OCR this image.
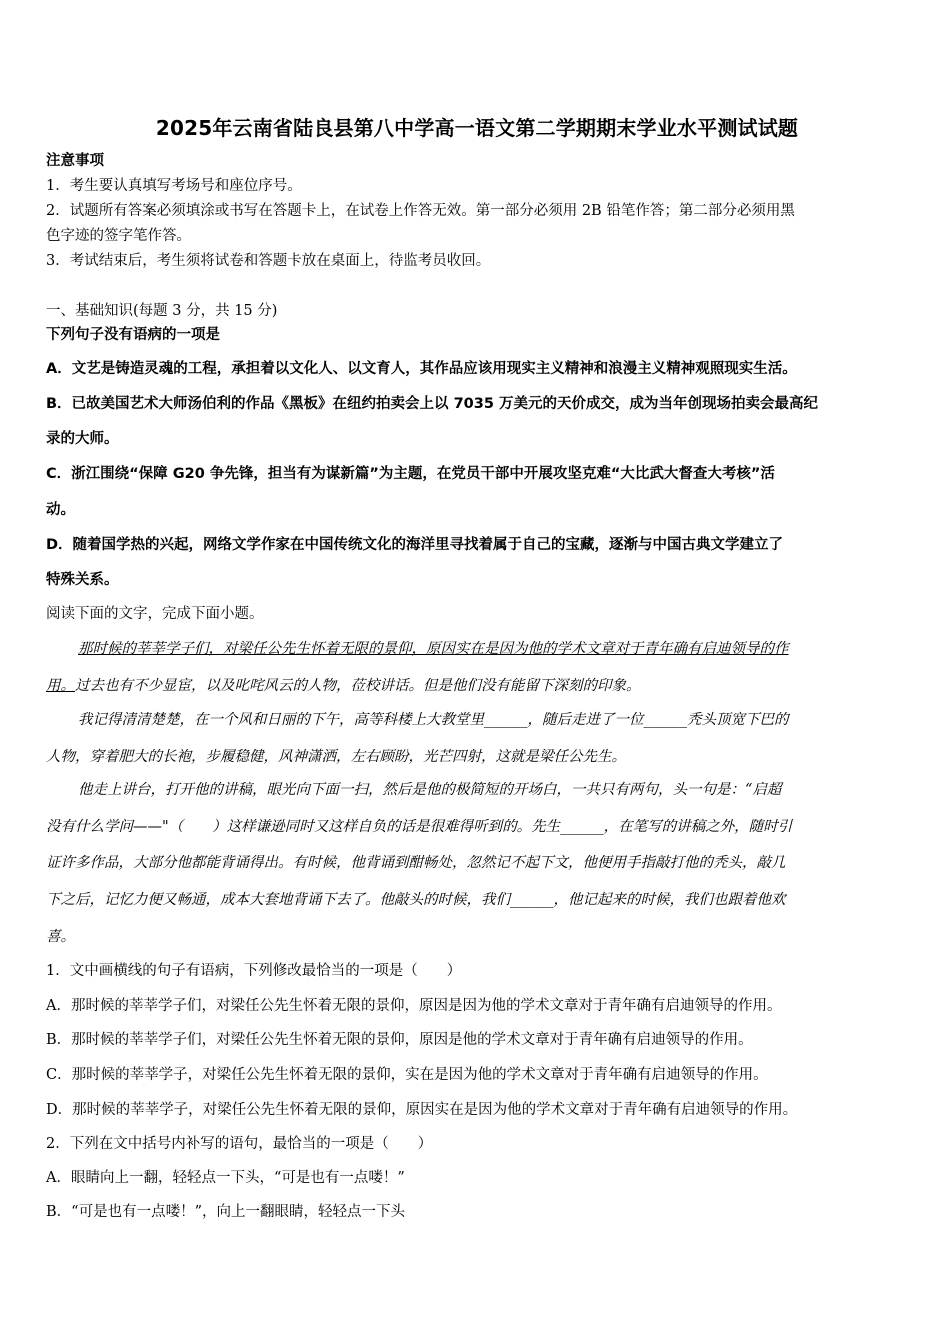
2025年云南省陆良县第八中学高一语文第二学期期末学业水平测试试题
注意事项
1．考生要认真填写考场号和座位序号。
2．试题所有答案必须填涂或书写在答题卡上，在试卷上作答无效。第一部分必须用 2B 铅笔作答；第二部分必须用黑
色字迹的签字笔作答。
3．考试结束后，考生须将试卷和答题卡放在桌面上，待监考员收回。
一、基础知识(每题 3 分，共 15 分)
下列句子没有语病的一项是
A．文艺是铸造灵魂的工程，承担着以文化人、以文育人，其作品应该用现实主义精神和浪漫主义精神观照现实生活。
B．已故美国艺术大师汤伯利的作品《黑板》在纽约拍卖会上以 7035 万美元的天价成交，成为当年创现场拍卖会最高纪
录的大师。
C．浙江围绕“保障 G20 争先锋，担当有为谋新篇”为主题，在党员干部中开展攻坚克难“大比武大督查大考核”活
动。
D．随着国学热的兴起，网络文学作家在中国传统文化的海洋里寻找着属于自己的宝藏，逐渐与中国古典文学建立了
特殊关系。
阅读下面的文字，完成下面小题。
那时候的莘莘学子们，对梁任公先生怀着无限的景仰，原因实在是因为他的学术文章对于青年确有启迪领导的作
用。过去也有不少显宦，以及叱咤风云的人物，莅校讲话。但是他们没有能留下深刻的印象。
我记得清清楚楚，在一个风和日丽的下午，高等科楼上大教堂里______，随后走进了一位______秃头顶宽下巴的
人物，穿着肥大的长袍，步履稳健，风神潇洒，左右顾盼，光芒四射，这就是梁任公先生。
他走上讲台，打开他的讲稿，眼光向下面一扫，然后是他的极简短的开场白，一共只有两句，头一句是：“启超
没有什么学问——"（　　）这样谦逊同时又这样自负的话是很难得听到的。先生______，在笔写的讲稿之外，随时引
证许多作品，大部分他都能背诵得出。有时候，他背诵到酣畅处，忽然记不起下文，他便用手指敲打他的秃头，敲几
下之后，记忆力便又畅通，成本大套地背诵下去了。他敲头的时候，我们______，他记起来的时候，我们也跟着他欢
喜。
1．文中画横线的句子有语病，下列修改最恰当的一项是（　　）
A．那时候的莘莘学子们，对梁任公先生怀着无限的景仰，原因是因为他的学术文章对于青年确有启迪领导的作用。
B．那时候的莘莘学子们，对梁任公先生怀着无限的景仰，原因是他的学术文章对于青年确有启迪领导的作用。
C．那时候的莘莘学子，对梁任公先生怀着无限的景仰，实在是因为他的学术文章对于青年确有启迪领导的作用。
D．那时候的莘莘学子，对梁任公先生怀着无限的景仰，原因实在是因为他的学术文章对于青年确有启迪领导的作用。
2．下列在文中括号内补写的语句，最恰当的一项是（　　）
A．眼睛向上一翻，轻轻点一下头，“可是也有一点喽！”
B．“可是也有一点喽！”，向上一翻眼睛，轻轻点一下头
